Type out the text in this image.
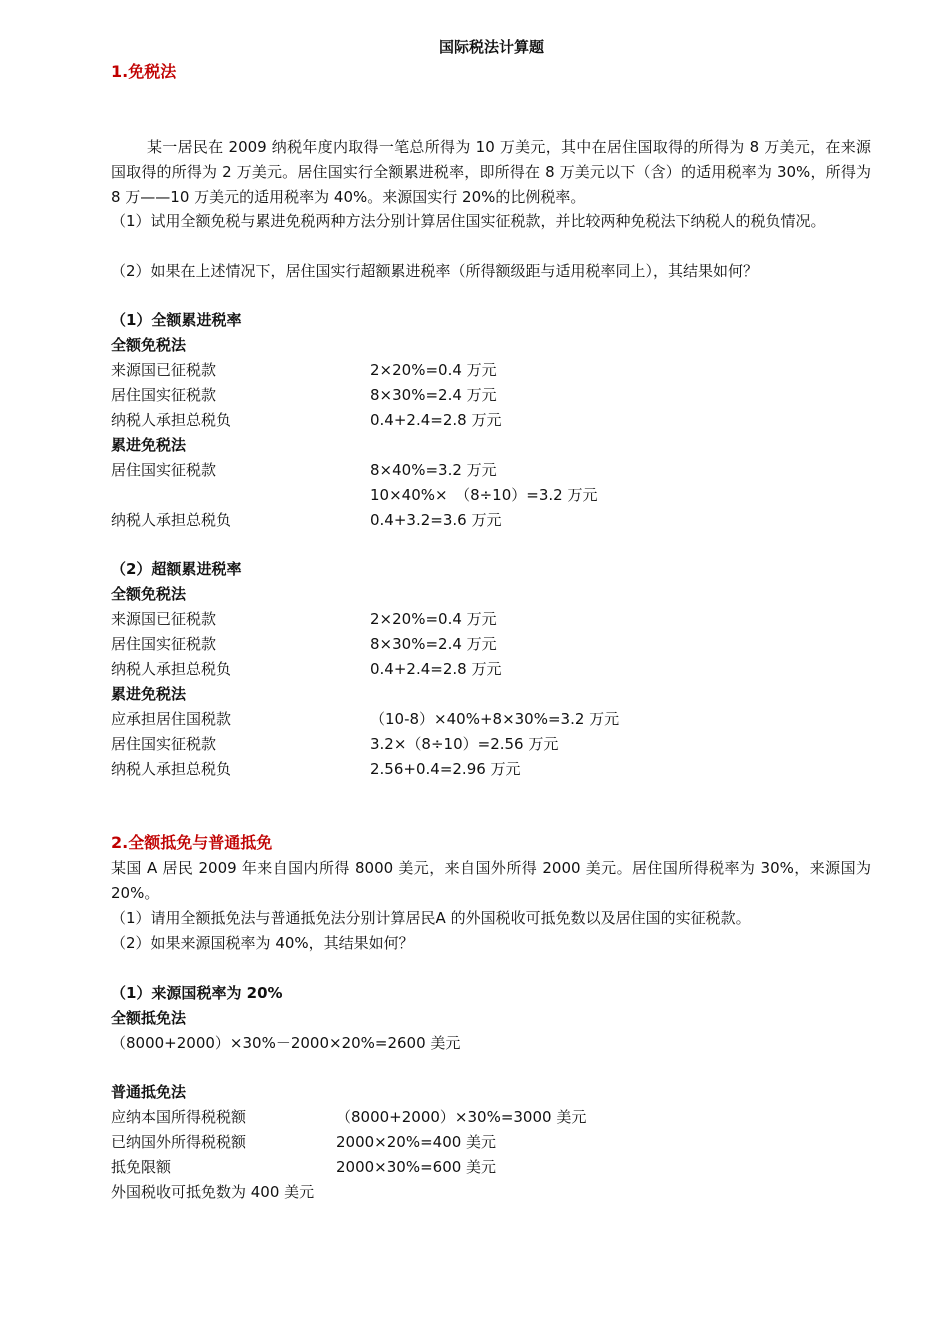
国际税法计算题
1.免税法
某一居民在 2009 纳税年度内取得一笔总所得为 10 万美元，其中在居住国取得的所得为 8 万美元，在来源国取得的所得为 2 万美元。居住国实行全额累进税率，即所得在 8 万美元以下（含）的适用税率为 30%，所得为 8 万——10 万美元的适用税率为 40%。来源国实行 20%的比例税率。
（1）试用全额免税与累进免税两种方法分别计算居住国实征税款，并比较两种免税法下纳税人的税负情况。
（2）如果在上述情况下，居住国实行超额累进税率（所得额级距与适用税率同上），其结果如何？
（1）全额累进税率
全额免税法
来源国已征税款	2×20%=0.4 万元
居住国实征税款	8×30%=2.4 万元
纳税人承担总税负	0.4+2.4=2.8 万元
累进免税法
居住国实征税款	8×40%=3.2 万元
10×40%×　（8÷10）=3.2 万元
纳税人承担总税负	0.4+3.2=3.6 万元
（2）超额累进税率
全额免税法
来源国已征税款	2×20%=0.4 万元
居住国实征税款	8×30%=2.4 万元
纳税人承担总税负	0.4+2.4=2.8 万元
累进免税法
应承担居住国税款	（10-8）×40%+8×30%=3.2 万元
居住国实征税款	3.2×（8÷10）=2.56 万元
纳税人承担总税负	2.56+0.4=2.96 万元
2.全额抵免与普通抵免
某国 A 居民 2009 年来自国内所得 8000 美元，来自国外所得 2000 美元。居住国所得税率为 30%，来源国为 20%。
（1）请用全额抵免法与普通抵免法分别计算居民A 的外国税收可抵免数以及居住国的实征税款。
（2）如果来源国税率为 40%，其结果如何？
（1）来源国税率为 20%
全额抵免法
（8000+2000）×30%－2000×20%=2600 美元
普通抵免法
应纳本国所得税税额	（8000+2000）×30%=3000 美元
已纳国外所得税税额	2000×20%=400 美元
抵免限额	2000×30%=600 美元
外国税收可抵免数为 400 美元
